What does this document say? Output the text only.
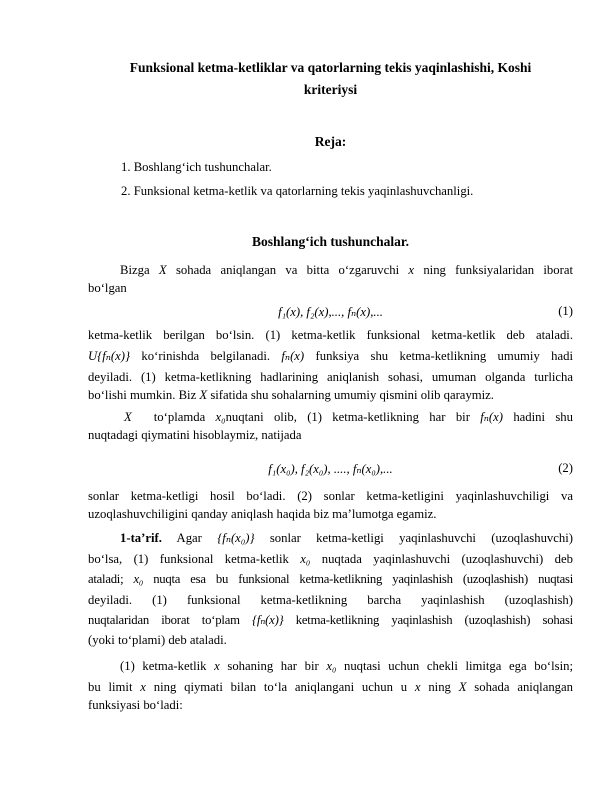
Funksional ketma-ketliklar va qatorlarning tekis yaqinlashishi, Koshi
kriteriysi
Reja:
1. Boshlang‘ich tushunchalar.
2. Funksional ketma-ketlik va qatorlarning tekis yaqinlashuvchanligi.
Boshlang‘ich tushunchalar.
Bizga X sohada aniqlangan va bitta o‘zgaruvchi x ning funksiyalaridan iborat
bo‘lgan
f₁(x), f₂(x),..., fₙ(x),...	(1)
ketma-ketlik berilgan bo‘lsin. (1) ketma-ketlik funksional ketma-ketlik deb ataladi.
U{fₙ(x)} ko‘rinishda belgilanadi. fₙ(x) funksiya shu ketma-ketlikning umumiy hadi
deyiladi. (1) ketma-ketlikning hadlarining aniqlanish sohasi, umuman olganda turlicha
bo‘lishi mumkin. Biz X sifatida shu sohalarning umumiy qismini olib qaraymiz.
X to‘plamda x₀nuqtani olib, (1) ketma-ketlikning har bir fₙ(x) hadini shu
nuqtadagi qiymatini hisoblaymiz, natijada
f₁(x₀), f₂(x₀), ...., fₙ(x₀),...	(2)
sonlar ketma-ketligi hosil bo‘ladi. (2) sonlar ketma-ketligini yaqinlashuvchiligi va
uzoqlashuvchiligini qanday aniqlash haqida biz ma’lumotga egamiz.
1-ta’rif. Agar {fₙ(x₀)} sonlar ketma-ketligi yaqinlashuvchi (uzoqlashuvchi)
bo‘lsa, (1) funksional ketma-ketlik x₀ nuqtada yaqinlashuvchi (uzoqlashuvchi) deb
ataladi; x₀ nuqta esa bu funksional ketma-ketlikning yaqinlashish (uzoqlashish) nuqtasi
deyiladi. (1) funksional ketma-ketlikning barcha yaqinlashish (uzoqlashish)
nuqtalaridan iborat to‘plam {fₙ(x)} ketma-ketlikning yaqinlashish (uzoqlashish) sohasi
(yoki to‘plami) deb ataladi.
(1) ketma-ketlik x sohaning har bir x₀ nuqtasi uchun chekli limitga ega bo‘lsin;
bu limit x ning qiymati bilan to‘la aniqlangani uchun u x ning X sohada aniqlangan
funksiyasi bo‘ladi:
